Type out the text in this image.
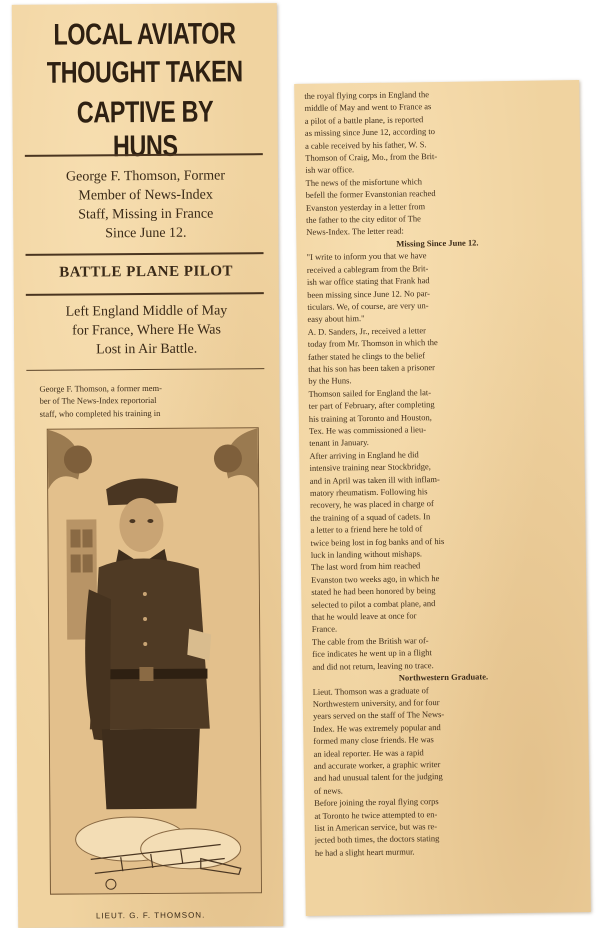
LOCAL AVIATOR
THOUGHT TAKEN
CAPTIVE BY HUNS
George F. Thomson, Former
Member of News-Index
Staff, Missing in France
Since June 12.
BATTLE PLANE PILOT
Left England Middle of May
for France, Where He Was
Lost in Air Battle.
George F. Thomson, a former mem-
ber of The News-Index reportorial
staff, who completed his training in
LIEUT. G. F. THOMSON.
the royal flying corps in England the
middle of May and went to France as
a pilot of a battle plane, is reported
as missing since June 12, according to
a cable received by his father, W. S.
Thomson of Craig, Mo., from the Brit-
ish war office.
The news of the misfortune which
befell the former Evanstonian reached
Evanston yesterday in a letter from
the father to the city editor of The
News-Index. The letter read:
Missing Since June 12.
"I write to inform you that we have
received a cablegram from the Brit-
ish war office stating that Frank had
been missing since June 12. No par-
ticulars. We, of course, are very un-
easy about him."
A. D. Sanders, Jr., received a letter
today from Mr. Thomson in which the
father stated he clings to the belief
that his son has been taken a prisoner
by the Huns.
Thomson sailed for England the lat-
ter part of February, after completing
his training at Toronto and Houston,
Tex. He was commissioned a lieu-
tenant in January.
After arriving in England he did
intensive training near Stockbridge,
and in April was taken ill with inflam-
matory rheumatism. Following his
recovery, he was placed in charge of
the training of a squad of cadets. In
a letter to a friend here he told of
twice being lost in fog banks and of his
luck in landing without mishaps.
The last word from him reached
Evanston two weeks ago, in which he
stated he had been honored by being
selected to pilot a combat plane, and
that he would leave at once for
France.
The cable from the British war of-
fice indicates he went up in a flight
and did not return, leaving no trace.
Northwestern Graduate.
Lieut. Thomson was a graduate of
Northwestern university, and for four
years served on the staff of The News-
Index. He was extremely popular and
formed many close friends. He was
an ideal reporter. He was a rapid
and accurate worker, a graphic writer
and had unusual talent for the judging
of news.
Before joining the royal flying corps
at Toronto he twice attempted to en-
list in American service, but was re-
jected both times, the doctors stating
he had a slight heart murmur.
